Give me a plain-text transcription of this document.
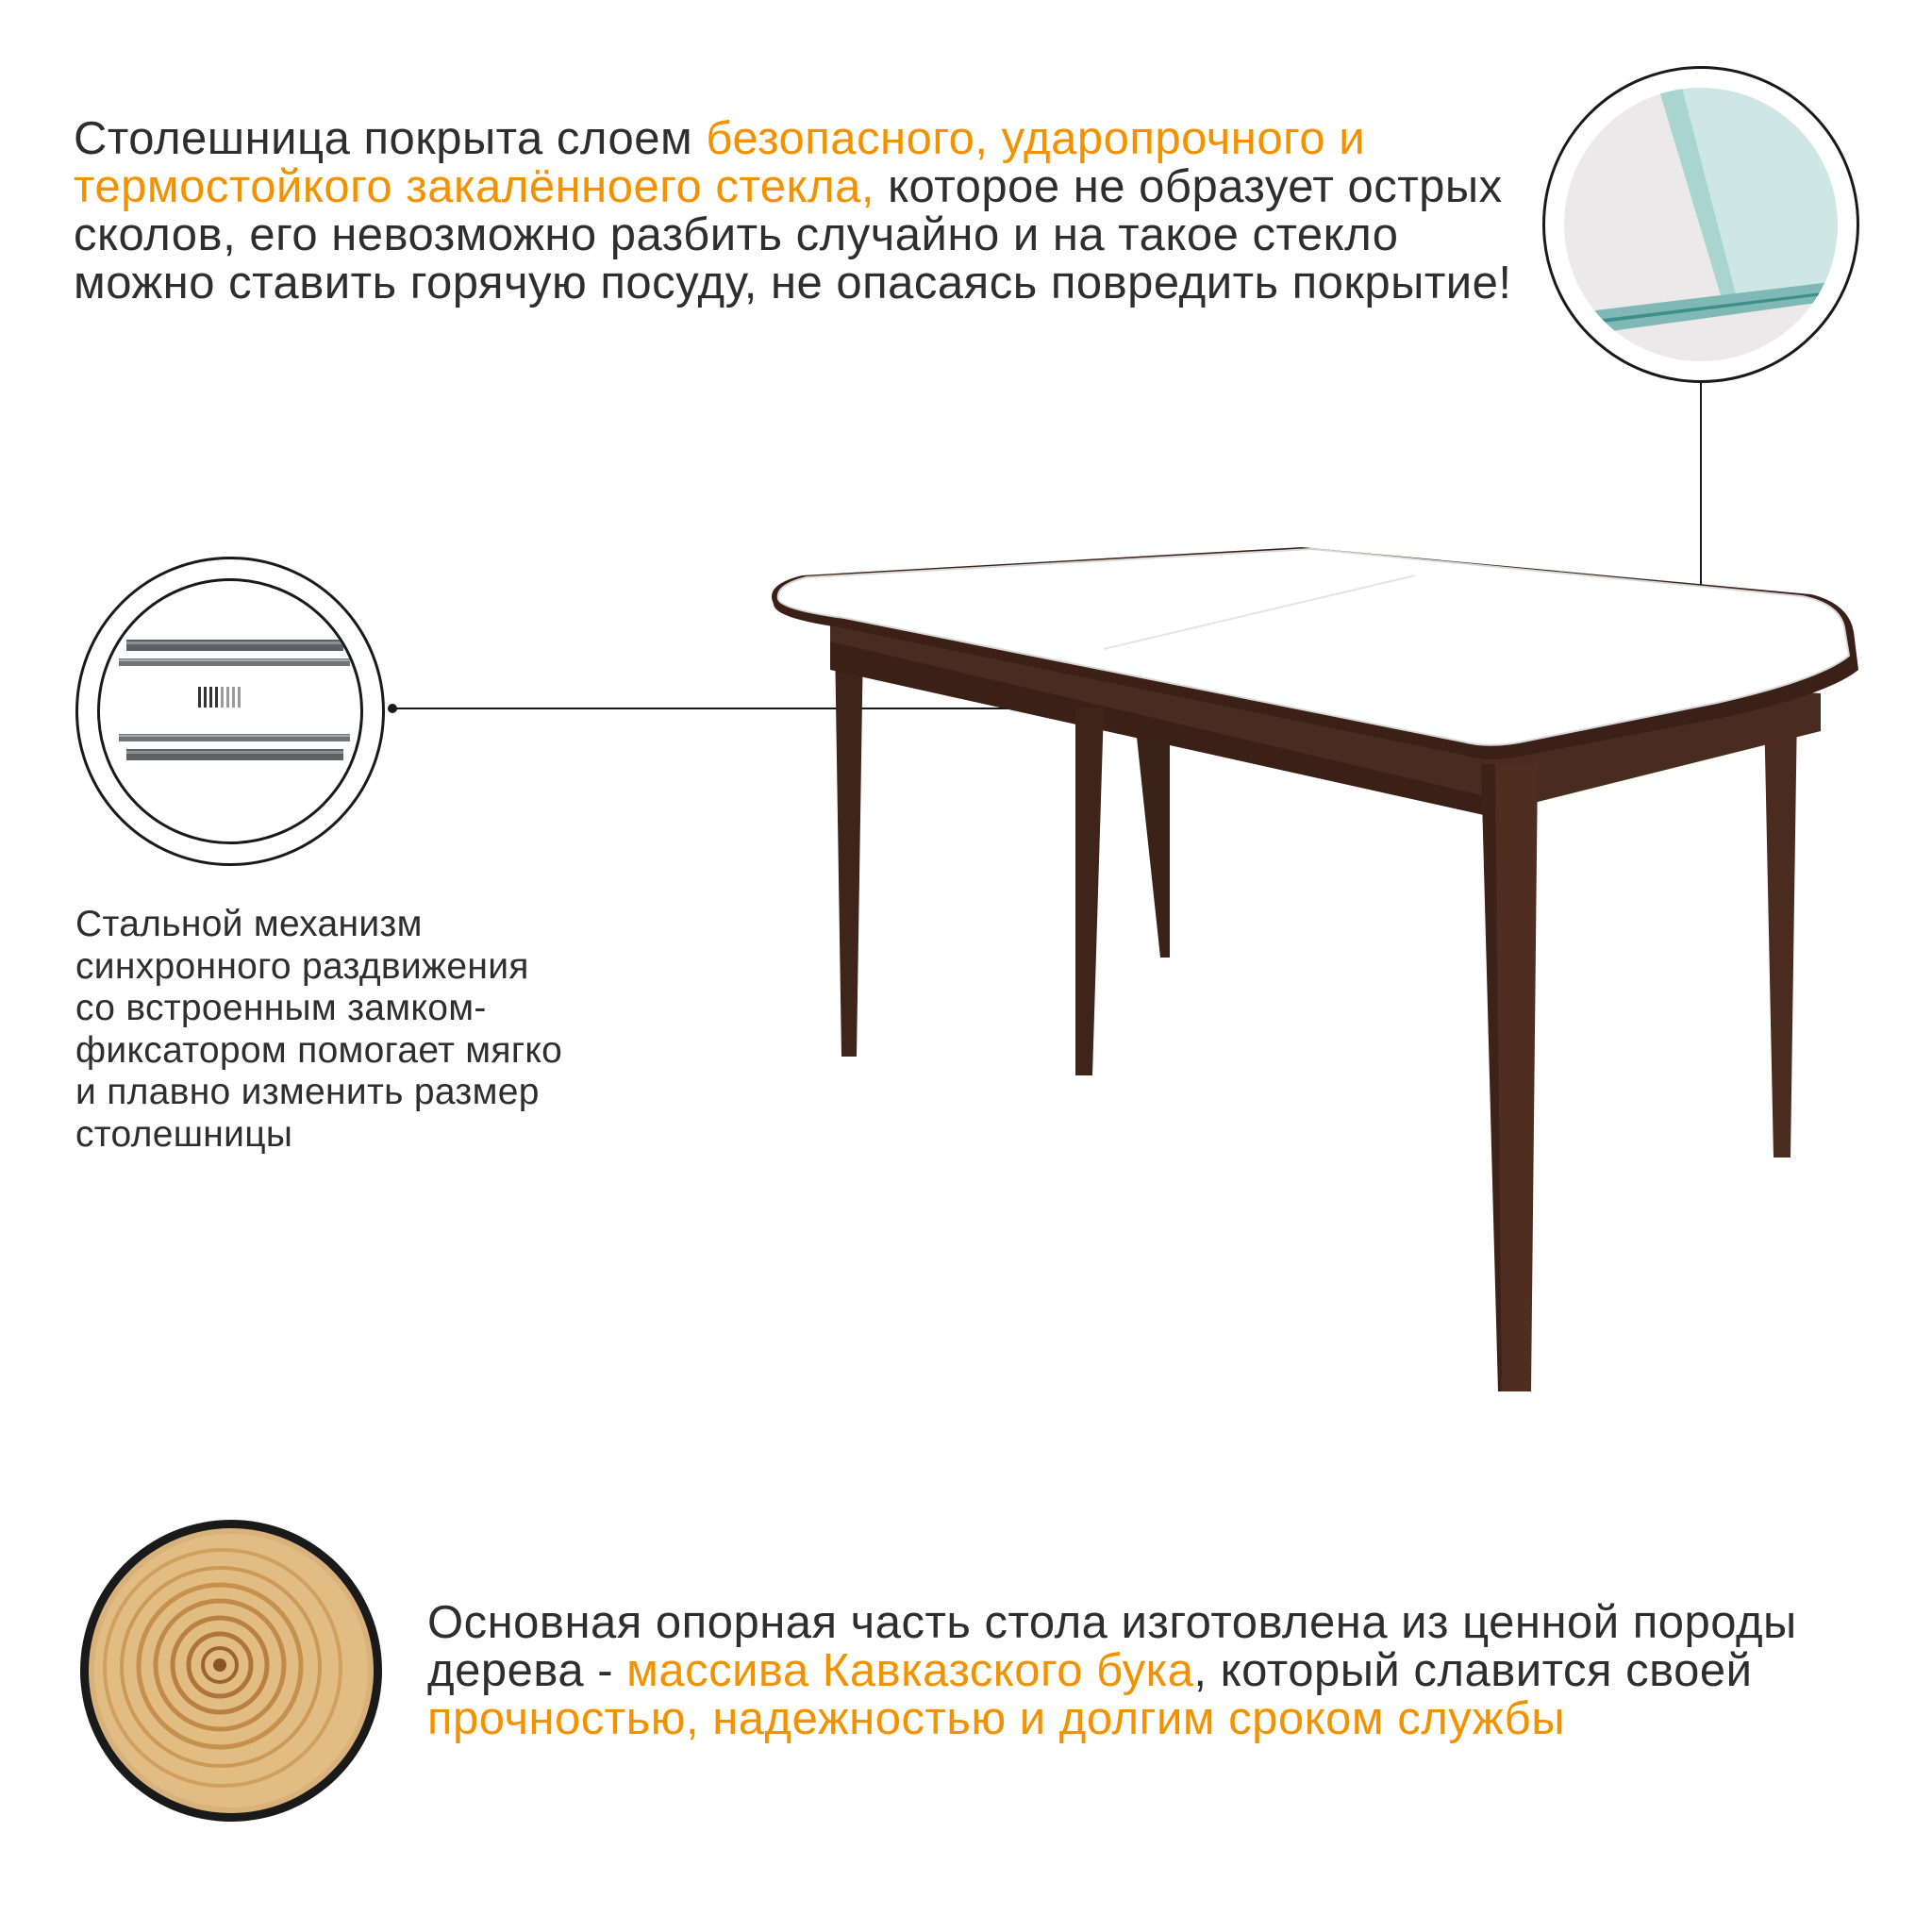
Столешница покрыта слоем безопасного, ударопрочного и термостойкого закалённоего стекла, которое не образует острых сколов, его невозможно разбить случайно и на такое стекло можно ставить горячую посуду, не опасаясь повредить покрытие!
Стальной механизм синхронного раздвижения со встроенным замком-фиксатором помогает мягко и плавно изменить размер столешницы
Основная опорная часть стола изготовлена из ценной породы дерева - массива Кавказского бука, который славится своей прочностью, надежностью и долгим сроком службы
